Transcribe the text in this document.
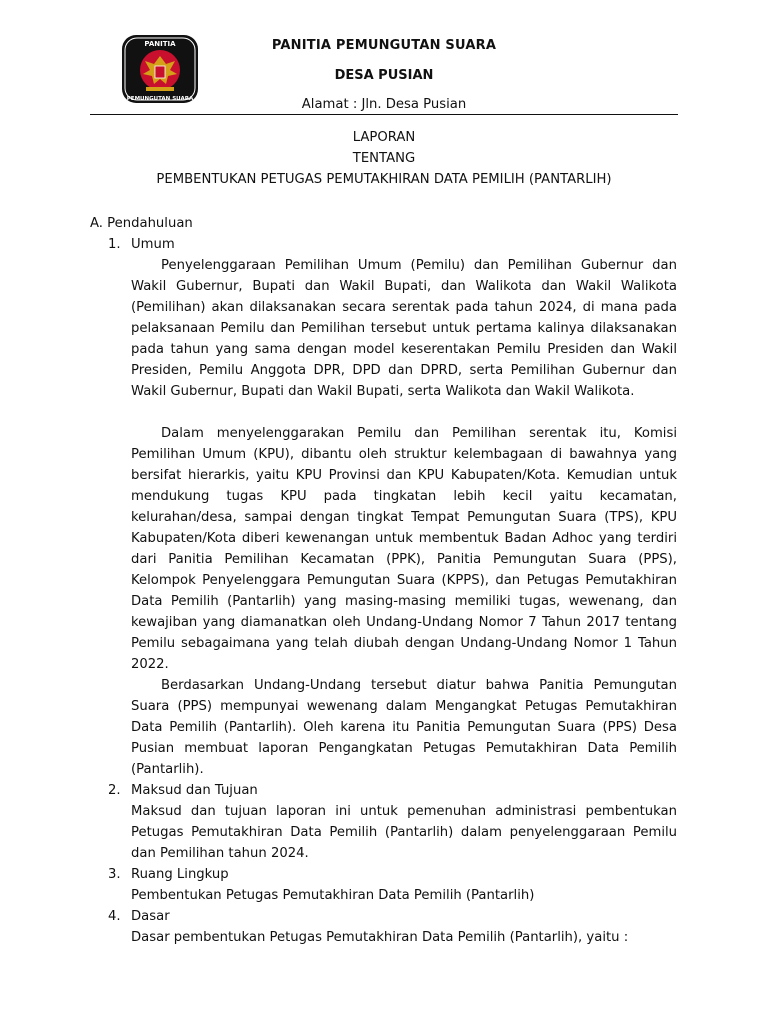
PANITIA
PEMUNGUTAN SUARA
PANITIA PEMUNGUTAN SUARA
DESA PUSIAN
Alamat : Jln. Desa Pusian
LAPORAN
TENTANG
PEMBENTUKAN PETUGAS PEMUTAKHIRAN DATA PEMILIH (PANTARLIH)
A. Pendahuluan
1. Umum

Penyelenggaraan Pemilihan Umum (Pemilu) dan Pemilihan Gubernur dan Wakil Gubernur, Bupati dan Wakil Bupati, dan Walikota dan Wakil Walikota (Pemilihan) akan dilaksanakan secara serentak pada tahun 2024, di mana pada pelaksanaan Pemilu dan Pemilihan tersebut untuk pertama kalinya dilaksanakan pada tahun yang sama dengan model keserentakan Pemilu Presiden dan Wakil Presiden, Pemilu Anggota DPR, DPD dan DPRD, serta Pemilihan Gubernur dan Wakil Gubernur, Bupati dan Wakil Bupati, serta Walikota dan Wakil Walikota.

Dalam menyelenggarakan Pemilu dan Pemilihan serentak itu, Komisi Pemilihan Umum (KPU), dibantu oleh struktur kelembagaan di bawahnya yang bersifat hierarkis, yaitu KPU Provinsi dan KPU Kabupaten/Kota. Kemudian untuk mendukung tugas KPU pada tingkatan lebih kecil yaitu kecamatan, kelurahan/desa, sampai dengan tingkat Tempat Pemungutan Suara (TPS), KPU Kabupaten/Kota diberi kewenangan untuk membentuk Badan Adhoc yang terdiri dari Panitia Pemilihan Kecamatan (PPK), Panitia Pemungutan Suara (PPS), Kelompok Penyelenggara Pemungutan Suara (KPPS), dan Petugas Pemutakhiran Data Pemilih (Pantarlih) yang masing-masing memiliki tugas, wewenang, dan kewajiban yang diamanatkan oleh Undang-Undang Nomor 7 Tahun 2017 tentang Pemilu sebagaimana yang telah diubah dengan Undang-Undang Nomor 1 Tahun 2022.

Berdasarkan Undang-Undang tersebut diatur bahwa Panitia Pemungutan Suara (PPS) mempunyai wewenang dalam Mengangkat Petugas Pemutakhiran Data Pemilih (Pantarlih). Oleh karena itu Panitia Pemungutan Suara (PPS) Desa Pusian membuat laporan Pengangkatan Petugas Pemutakhiran Data Pemilih (Pantarlih).

2. Maksud dan Tujuan

Maksud dan tujuan laporan ini untuk pemenuhan administrasi pembentukan Petugas Pemutakhiran Data Pemilih (Pantarlih) dalam penyelenggaraan Pemilu dan Pemilihan tahun 2024.

3. Ruang Lingkup

Pembentukan Petugas Pemutakhiran Data Pemilih (Pantarlih)

4. Dasar

Dasar pembentukan Petugas Pemutakhiran Data Pemilih (Pantarlih), yaitu :
